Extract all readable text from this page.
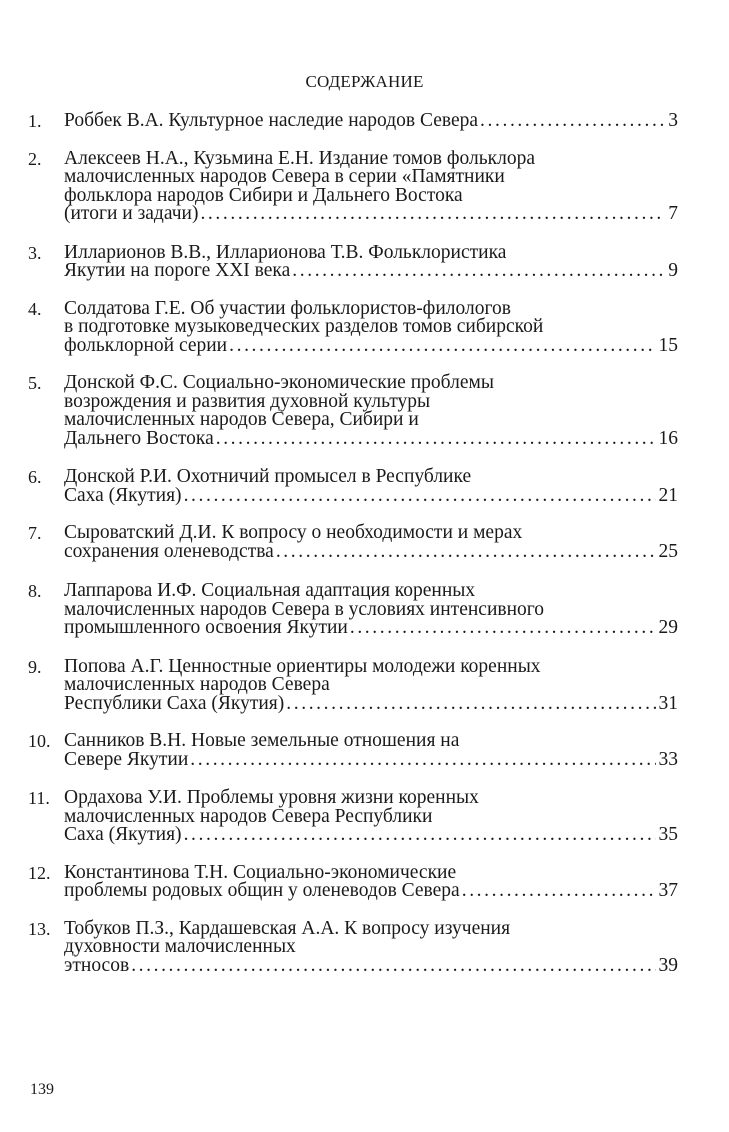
СОДЕРЖАНИЕ
1.	Роббек В.А. Культурное наследие народов Севера .....	3
2.	Алексеев Н.А., Кузьмина Е.Н. Издание томов фольклора
малочисленных народов Севера в серии «Памятники
фольклора народов Сибири и Дальнего Востока
(итоги и задачи) .....	7
3.	Илларионов В.В., Илларионова Т.В. Фольклористика
Якутии на пороге XXI века .....	9
4.	Солдатова Г.Е. Об участии фольклористов-филологов
в подготовке музыковедческих разделов томов сибирской
фольклорной серии .....	15
5.	Донской Ф.С. Социально-экономические проблемы
возрождения и развития духовной культуры
малочисленных народов Севера, Сибири и
Дальнего Востока .....	16
6.	Донской Р.И. Охотничий промысел в Республике
Саха (Якутия) .....	21
7.	Сыроватский Д.И. К вопросу о необходимости и мерах
сохранения оленеводства .....	25
8.	Лаппарова И.Ф. Социальная адаптация коренных
малочисленных народов Севера в условиях интенсивного
промышленного освоения Якутии .....	29
9.	Попова А.Г. Ценностные ориентиры молодежи коренных
малочисленных народов Севера
Республики Саха (Якутия) .....	31
10. Санников В.Н. Новые земельные отношения на
Севере Якутии .....	33
11. Ордахова У.И. Проблемы уровня жизни коренных
малочисленных народов Севера Республики
Саха (Якутия) .....	35
12. Константинова Т.Н. Социально-экономические
проблемы родовых общин у оленеводов Севера .....	37
13. Тобуков П.З., Кардашевская А.А. К вопросу изучения
духовности малочисленных
этносов .....	39
139
